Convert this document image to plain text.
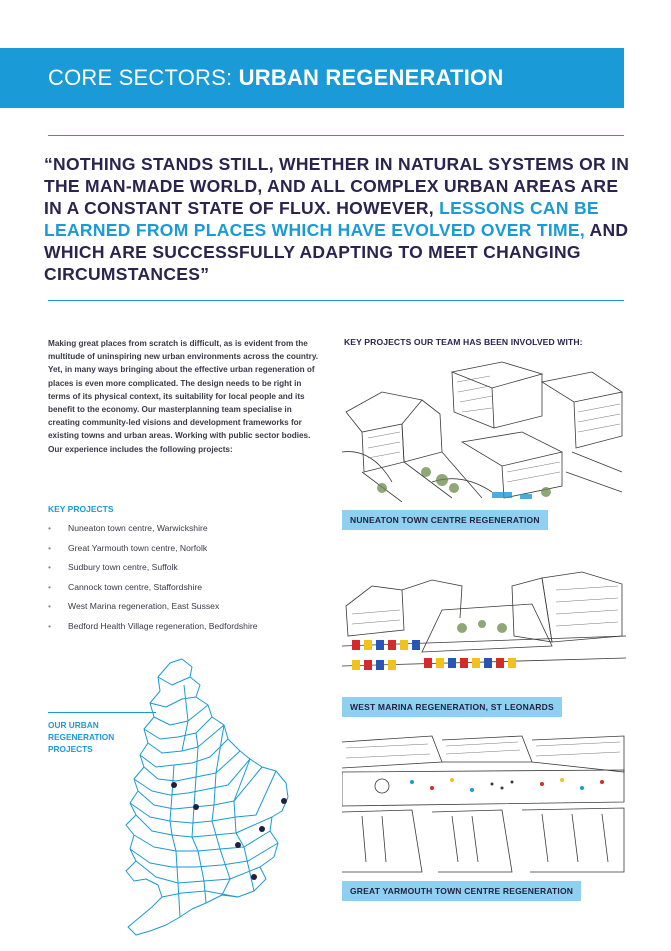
CORE SECTORS: URBAN REGENERATION

“NOTHING STANDS STILL, WHETHER IN NATURAL SYSTEMS OR IN THE MAN-MADE WORLD, AND ALL COMPLEX URBAN AREAS ARE IN A CONSTANT STATE OF FLUX. HOWEVER, LESSONS CAN BE LEARNED FROM PLACES WHICH HAVE EVOLVED OVER TIME, AND WHICH ARE SUCCESSFULLY ADAPTING TO MEET CHANGING CIRCUMSTANCES”

Making great places from scratch is difficult, as is evident from the multitude of uninspiring new urban environments across the country. Yet, in many ways bringing about the effective urban regeneration of places is even more complicated. The design needs to be right in terms of its physical context, its suitability for local people and its benefit to the economy. Our masterplanning team specialise in creating community-led visions and development frameworks for existing towns and urban areas. Working with public sector bodies. Our experience includes the following projects:

KEY PROJECTS
•	Nuneaton town centre, Warwickshire
•	Great Yarmouth town centre, Norfolk
•	Sudbury town centre, Suffolk
•	Cannock town centre, Staffordshire
•	West Marina regeneration, East Sussex
•	Bedford Health Village regeneration, Bedfordshire
OUR URBAN
REGENERATION
PROJECTS
KEY PROJECTS OUR TEAM HAS BEEN INVOLVED WITH:
NUNEATON TOWN CENTRE REGENERATION
WEST MARINA REGENERATION, ST LEONARDS
GREAT YARMOUTH TOWN CENTRE REGENERATION
